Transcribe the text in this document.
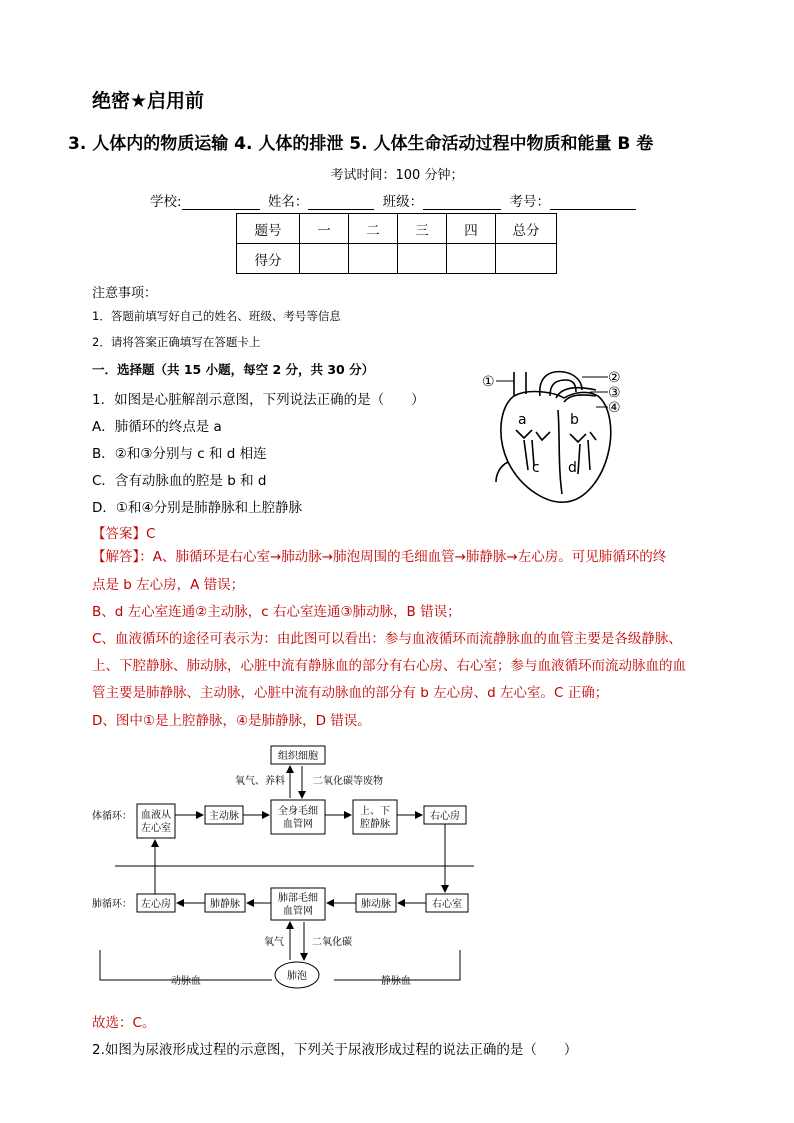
绝密★启用前
3. 人体内的物质运输 4. 人体的排泄 5. 人体生命活动过程中物质和能量 B 卷
考试时间：100 分钟；
学校:	姓名：	班级：	考号：
题号	一	二	三	四	总分
得分					
注意事项：
1．答题前填写好自己的姓名、班级、考号等信息
2．请将答案正确填写在答题卡上
一．选择题（共 15 小题，每空 2 分，共 30 分）
1．如图是心脏解剖示意图，下列说法正确的是（　　）
A．肺循环的终点是 a
B．②和③分别与 c 和 d 相连
C．含有动脉血的腔是 b 和 d
D．①和④分别是肺静脉和上腔静脉
①	②
③
④
a	b
c d
【答案】C
【解答】：A、肺循环是右心室→肺动脉→肺泡周围的毛细血管→肺静脉→左心房。可见肺循环的终
点是 b 左心房，A 错误；
B、d 左心室连通②主动脉，c 右心室连通③肺动脉，B 错误；
C、血液循环的途径可表示为：由此图可以看出：参与血液循环而流静脉血的血管主要是各级静脉、
上、下腔静脉、肺动脉，心脏中流有静脉血的部分有右心房、右心室；参与血液循环而流动脉血的血
管主要是肺静脉、主动脉，心脏中流有动脉血的部分有 b 左心房、d 左心室。C 正确；
D、图中①是上腔静脉，④是肺静脉，D 错误。
组织细胞
氧气、养料	二氧化碳等废物
体循环： 血液从
左心室
主动脉	全身毛细
血管网
上、下
腔静脉
右心房
肺循环： 左心房	肺静脉
肺部毛细
血管网
肺动脉	右心室
氧气	二氧化碳
肺泡
动脉血	静脉血
故选：C。
2.如图为尿液形成过程的示意图，下列关于尿液形成过程的说法正确的是（　　）
